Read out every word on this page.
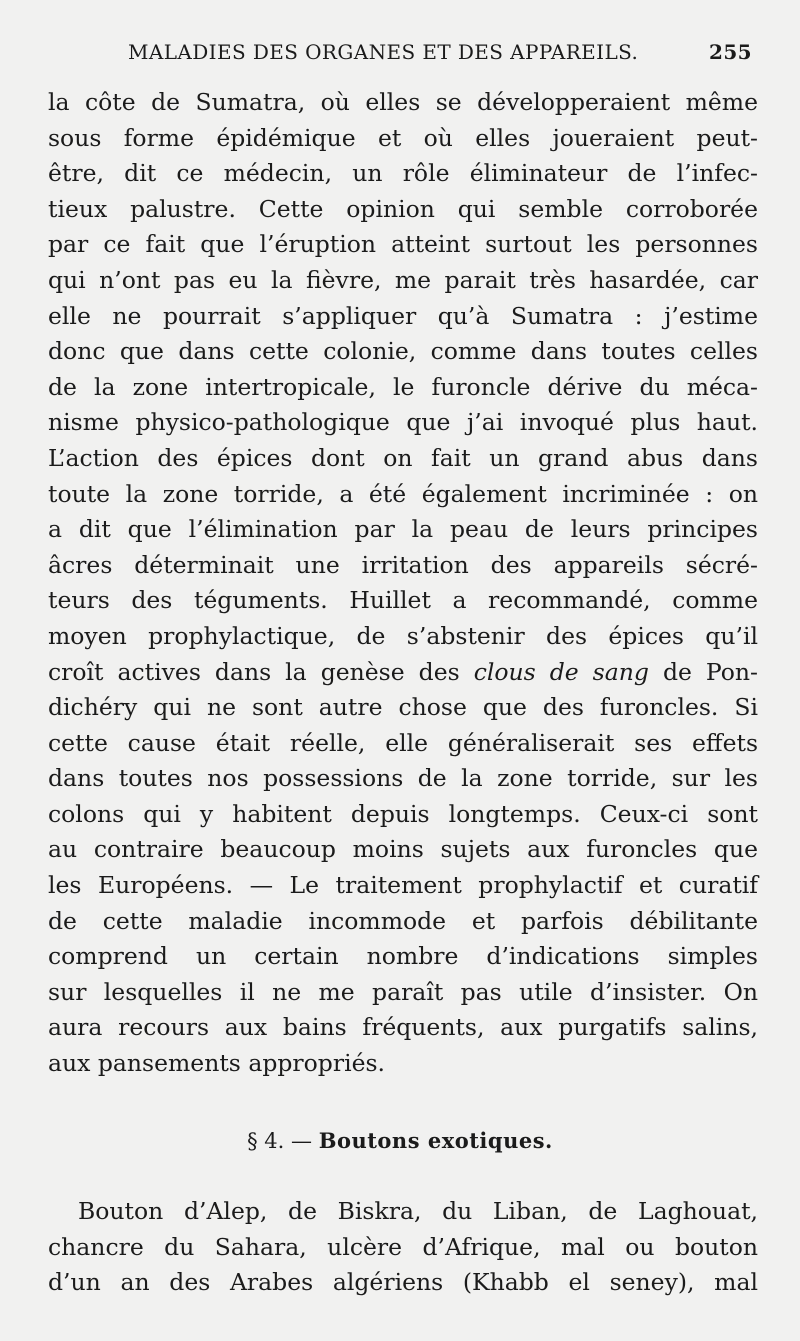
MALADIES DES ORGANES ET DES APPAREILS.	255
la côte de Sumatra, où elles se développeraient même
sous forme épidémique et où elles joueraient peut-
être, dit ce médecin, un rôle éliminateur de l’infec-
tieux palustre. Cette opinion qui semble corroborée
par ce fait que l’éruption atteint surtout les personnes
qui n’ont pas eu la fièvre, me parait très hasardée, car
elle ne pourrait s’appliquer qu’à Sumatra : j’estime
donc que dans cette colonie, comme dans toutes celles
de la zone intertropicale, le furoncle dérive du méca-
nisme physico-pathologique que j’ai invoqué plus haut.
L’action des épices dont on fait un grand abus dans
toute la zone torride, a été également incriminée : on
a dit que l’élimination par la peau de leurs principes
âcres déterminait une irritation des appareils sécré-
teurs des téguments. Huillet a recommandé, comme
moyen prophylactique, de s’abstenir des épices qu’il
croît actives dans la genèse des clous de sang de Pon-
dichéry qui ne sont autre chose que des furoncles. Si
cette cause était réelle, elle généraliserait ses effets
dans toutes nos possessions de la zone torride, sur les
colons qui y habitent depuis longtemps. Ceux-ci sont
au contraire beaucoup moins sujets aux furoncles que
les Européens. — Le traitement prophylactif et curatif
de cette maladie incommode et parfois débilitante
comprend un certain nombre d’indications simples
sur lesquelles il ne me paraît pas utile d’insister. On
aura recours aux bains fréquents, aux purgatifs salins,
aux pansements appropriés.
§ 4. — Boutons exotiques.
Bouton d’Alep, de Biskra, du Liban, de Laghouat,
chancre du Sahara, ulcère d’Afrique, mal ou bouton
d’un an des Arabes algériens (Khabb el seney), mal
